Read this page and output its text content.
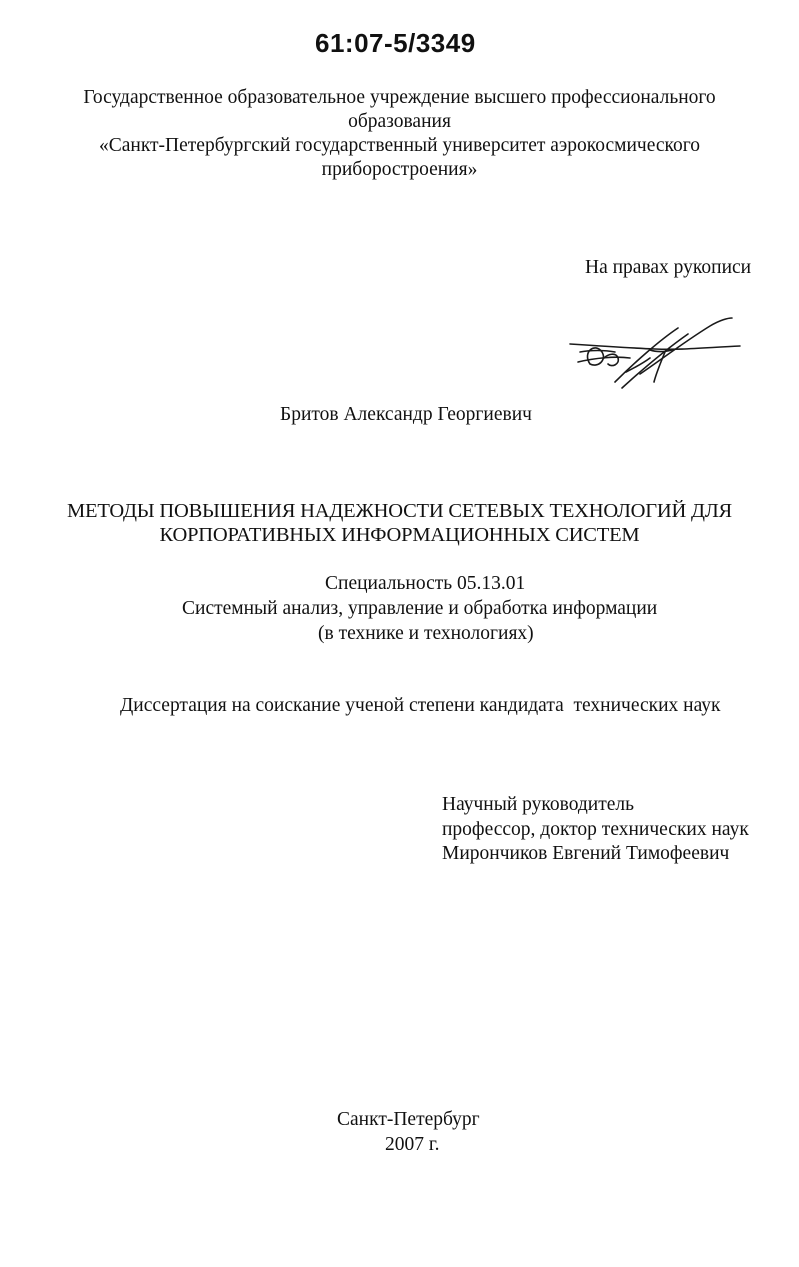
61:07-5/3349
Государственное образовательное учреждение высшего профессионального
образования
«Санкт-Петербургский государственный университет аэрокосмического
приборостроения»
На правах рукописи
Бритов Александр Георгиевич
МЕТОДЫ ПОВЫШЕНИЯ НАДЕЖНОСТИ СЕТЕВЫХ ТЕХНОЛОГИЙ ДЛЯ
КОРПОРАТИВНЫХ ИНФОРМАЦИОННЫХ СИСТЕМ
Специальность 05.13.01
Системный анализ, управление и обработка информации
(в технике и технологиях)
Диссертация на соискание ученой степени кандидата  технических наук
Научный руководитель
профессор, доктор технических наук
Мирончиков Евгений Тимофеевич
Санкт-Петербург
2007 г.
